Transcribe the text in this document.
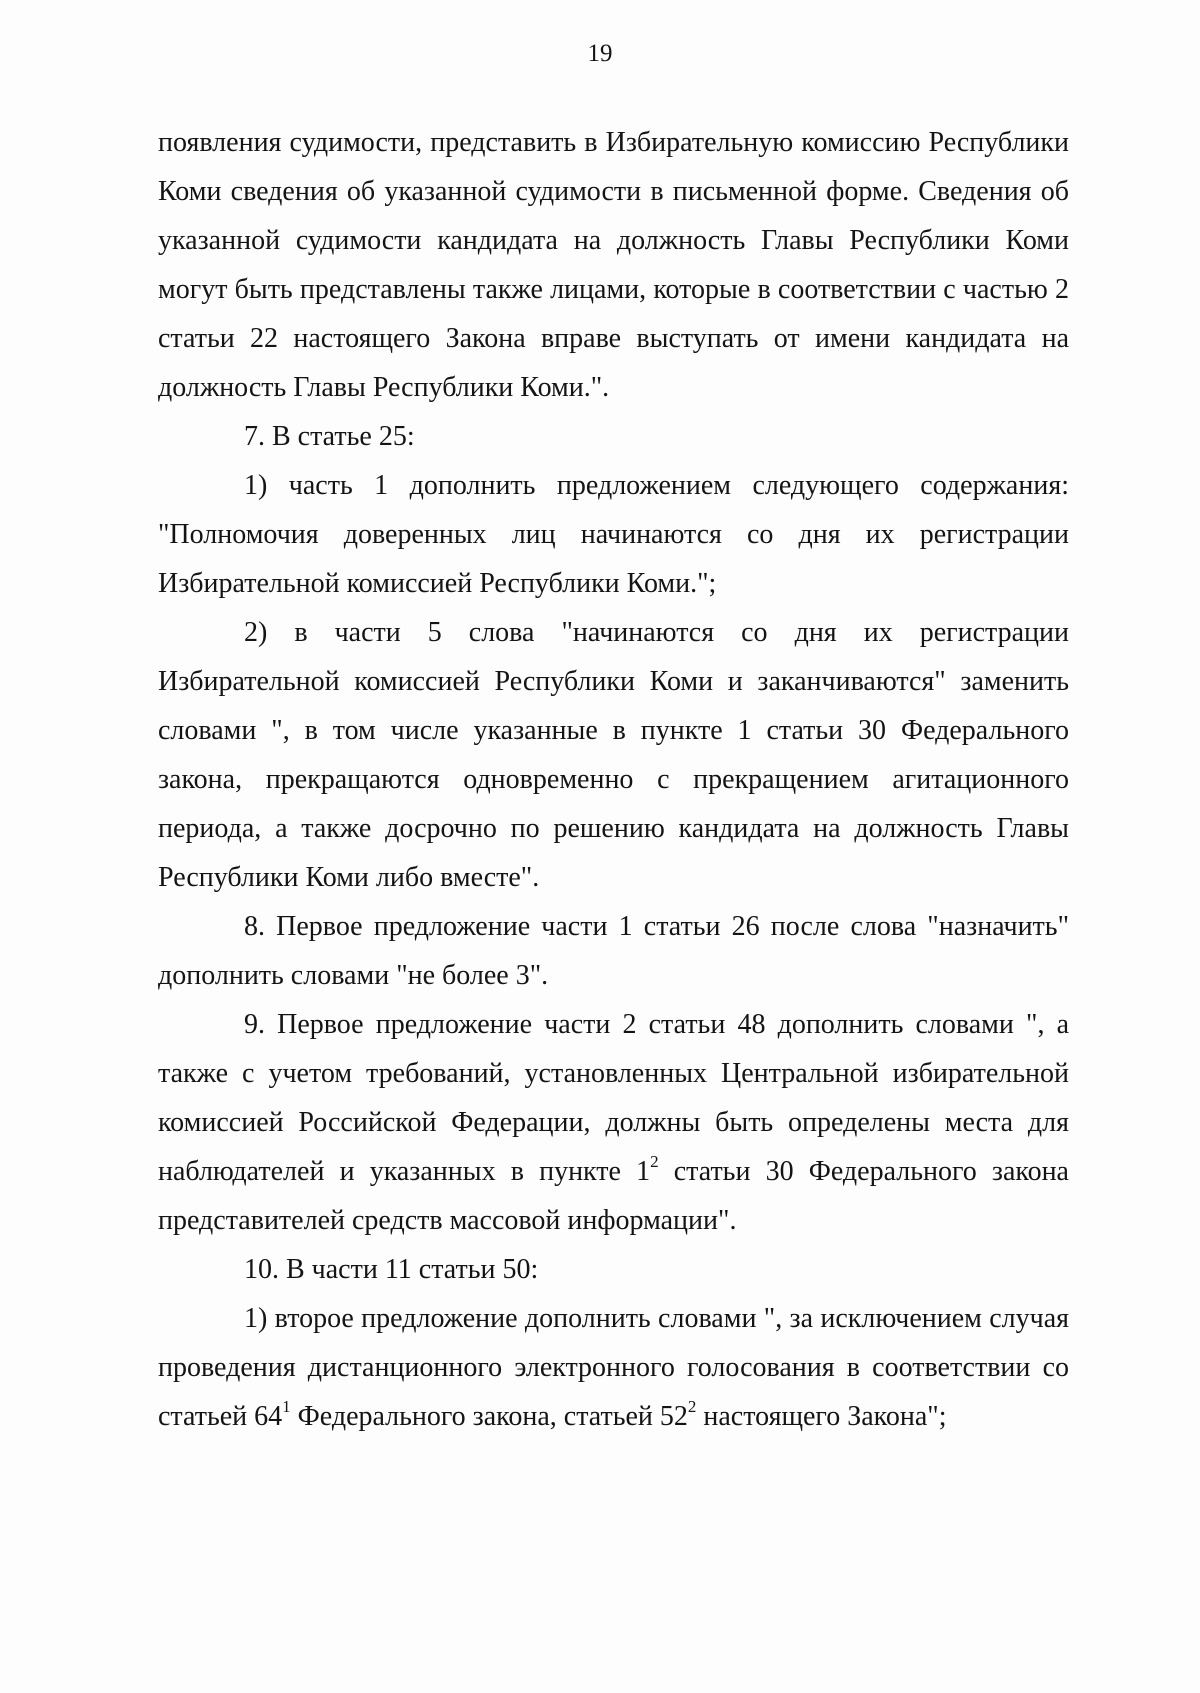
19

появления судимости, представить в Избирательную комиссию Республики Коми сведения об указанной судимости в письменной форме. Сведения об указанной судимости кандидата на должность Главы Республики Коми могут быть представлены также лицами, которые в соответствии с частью 2 статьи 22 настоящего Закона вправе выступать от имени кандидата на должность Главы Республики Коми.".

7. В статье 25:

1) часть 1 дополнить предложением следующего содержания: "Полномочия доверенных лиц начинаются со дня их регистрации Избирательной комиссией Республики Коми.";

2) в части 5 слова "начинаются со дня их регистрации Избирательной комиссией Республики Коми и заканчиваются" заменить словами ", в том числе указанные в пункте 1 статьи 30 Федерального закона, прекращаются одновременно с прекращением агитационного периода, а также досрочно по решению кандидата на должность Главы Республики Коми либо вместе".

8. Первое предложение части 1 статьи 26 после слова "назначить" дополнить словами "не более 3".

9. Первое предложение части 2 статьи 48 дополнить словами ", а также с учетом требований, установленных Центральной избирательной комиссией Российской Федерации, должны быть определены места для наблюдателей и указанных в пункте $1^2$ статьи 30 Федерального закона представителей средств массовой информации".

10. В части 11 статьи 50:

1) второе предложение дополнить словами ", за исключением случая проведения дистанционного электронного голосования в соответствии со статьей $64^1$ Федерального закона, статьей $52^2$ настоящего Закона";
